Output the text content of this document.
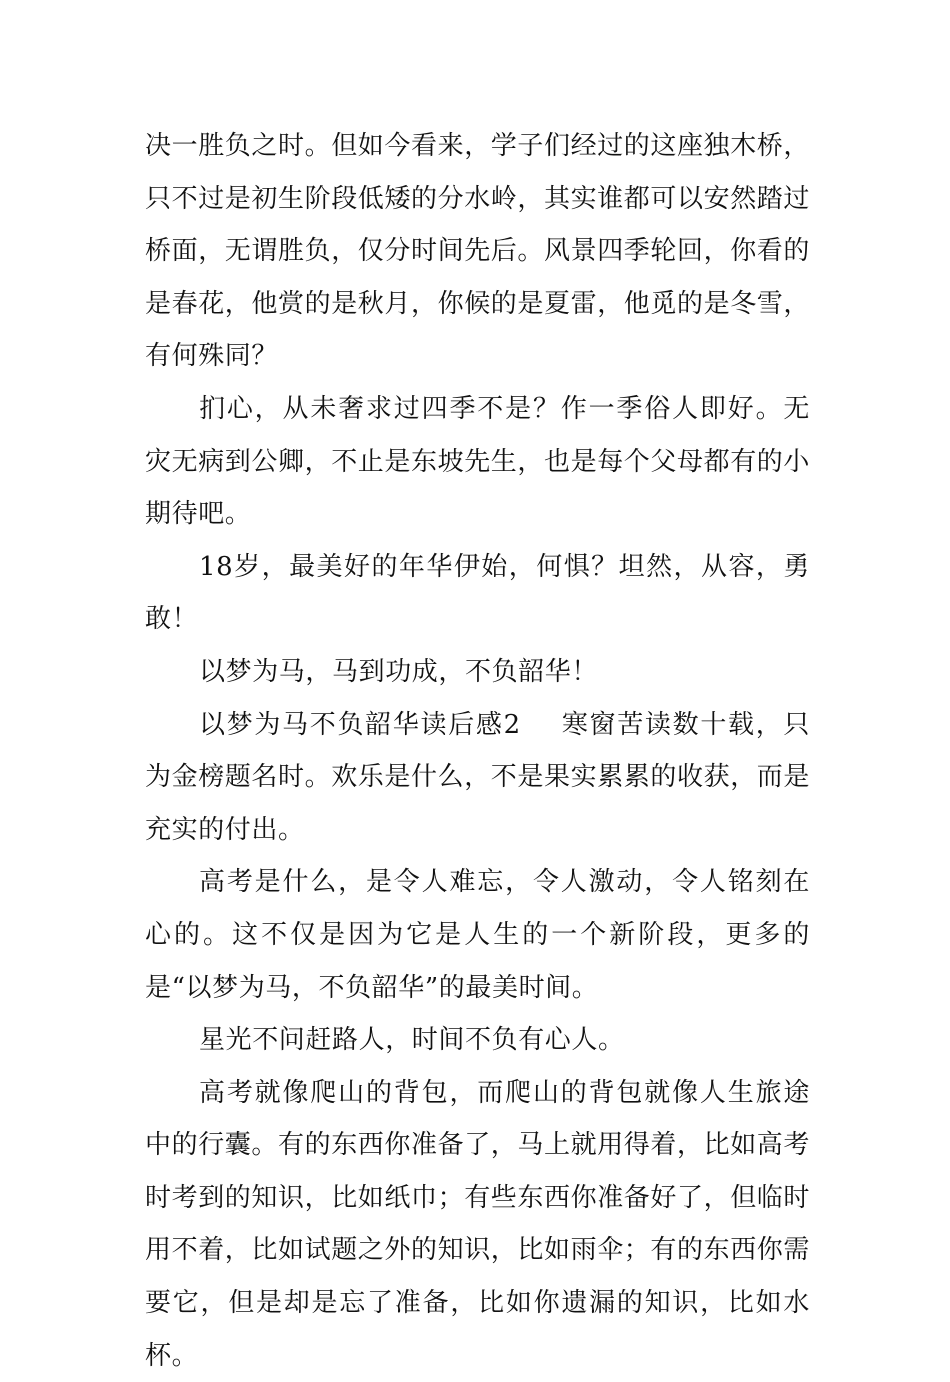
决一胜负之时。但如今看来，学子们经过的这座独木桥，只不过是初生阶段低矮的分水岭，其实谁都可以安然踏过桥面，无谓胜负，仅分时间先后。风景四季轮回，你看的是春花，他赏的是秋月，你候的是夏雷，他觅的是冬雪，有何殊同？

扪心，从未奢求过四季不是？作一季俗人即好。无灾无病到公卿，不止是东坡先生，也是每个父母都有的小期待吧。

18岁，最美好的年华伊始，何惧？坦然，从容，勇敢！

以梦为马，马到功成，不负韶华！

以梦为马不负韶华读后感2 寒窗苦读数十载，只为金榜题名时。欢乐是什么，不是果实累累的收获，而是充实的付出。

高考是什么，是令人难忘，令人激动，令人铭刻在心的。这不仅是因为它是人生的一个新阶段，更多的是“以梦为马，不负韶华”的最美时间。

星光不问赶路人，时间不负有心人。

高考就像爬山的背包，而爬山的背包就像人生旅途中的行囊。有的东西你准备了，马上就用得着，比如高考时考到的知识，比如纸巾；有些东西你准备好了，但临时用不着，比如试题之外的知识，比如雨伞；有的东西你需要它，但是却是忘了准备，比如你遗漏的知识，比如水杯。
